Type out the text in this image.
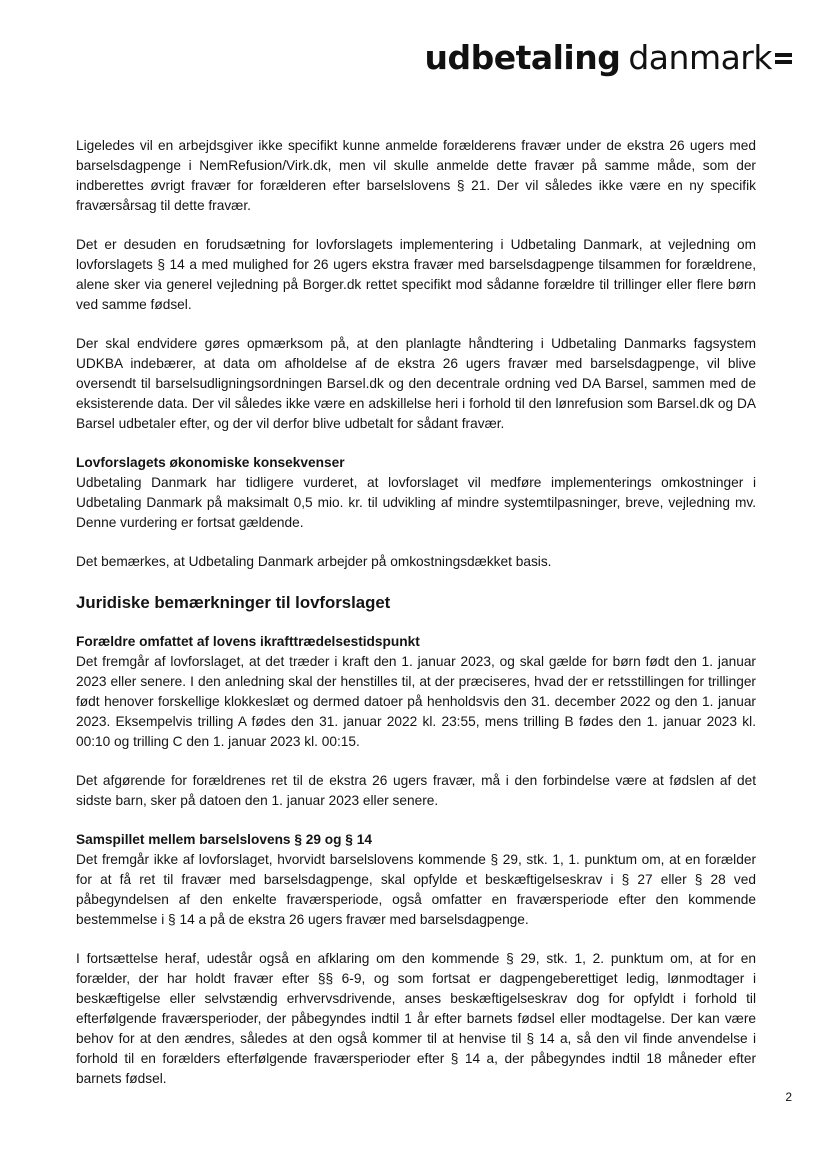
udbetaling danmark

Ligeledes vil en arbejdsgiver ikke specifikt kunne anmelde forælderens fravær under de ekstra 26 ugers med barselsdagpenge i NemRefusion/Virk.dk, men vil skulle anmelde dette fravær på samme måde, som der indberettes øvrigt fravær for forælderen efter barselslovens § 21. Der vil således ikke være en ny specifik fraværsårsag til dette fravær.

Det er desuden en forudsætning for lovforslagets implementering i Udbetaling Danmark, at vejledning om lovforslagets § 14 a med mulighed for 26 ugers ekstra fravær med barselsdagpenge tilsammen for forældrene, alene sker via generel vejledning på Borger.dk rettet specifikt mod sådanne forældre til trillinger eller flere børn ved samme fødsel.

Der skal endvidere gøres opmærksom på, at den planlagte håndtering i Udbetaling Danmarks fagsystem UDKBA indebærer, at data om afholdelse af de ekstra 26 ugers fravær med barselsdagpenge, vil blive oversendt til barselsudligningsordningen Barsel.dk og den decentrale ordning ved DA Barsel, sammen med de eksisterende data. Der vil således ikke være en adskillelse heri i forhold til den lønrefusion som Barsel.dk og DA Barsel udbetaler efter, og der vil derfor blive udbetalt for sådant fravær.

Lovforslagets økonomiske konsekvenser

Udbetaling Danmark har tidligere vurderet, at lovforslaget vil medføre implementerings omkostninger i Udbetaling Danmark på maksimalt 0,5 mio. kr. til udvikling af mindre systemtilpasninger, breve, vejledning mv. Denne vurdering er fortsat gældende.

Det bemærkes, at Udbetaling Danmark arbejder på omkostningsdækket basis.

Juridiske bemærkninger til lovforslaget
Forældre omfattet af lovens ikrafttrædelsestidspunkt

Det fremgår af lovforslaget, at det træder i kraft den 1. januar 2023, og skal gælde for børn født den 1. januar 2023 eller senere. I den anledning skal der henstilles til, at der præciseres, hvad der er retsstillingen for trillinger født henover forskellige klokkeslæt og dermed datoer på henholdsvis den 31. december 2022 og den 1. januar 2023. Eksempelvis trilling A fødes den 31. januar 2022 kl. 23:55, mens trilling B fødes den 1. januar 2023 kl. 00:10 og trilling C den 1. januar 2023 kl. 00:15.

Det afgørende for forældrenes ret til de ekstra 26 ugers fravær, må i den forbindelse være at fødslen af det sidste barn, sker på datoen den 1. januar 2023 eller senere.

Samspillet mellem barselslovens § 29 og § 14

Det fremgår ikke af lovforslaget, hvorvidt barselslovens kommende § 29, stk. 1, 1. punktum om, at en forælder for at få ret til fravær med barselsdagpenge, skal opfylde et beskæftigelseskrav i § 27 eller § 28 ved påbegyndelsen af den enkelte fraværsperiode, også omfatter en fraværsperiode efter den kommende bestemmelse i § 14 a på de ekstra 26 ugers fravær med barselsdagpenge.

I fortsættelse heraf, udestår også en afklaring om den kommende § 29, stk. 1, 2. punktum om, at for en forælder, der har holdt fravær efter §§ 6-9, og som fortsat er dagpengeberettiget ledig, lønmodtager i beskæftigelse eller selvstændig erhvervsdrivende, anses beskæftigelseskrav dog for opfyldt i forhold til efterfølgende fraværsperioder, der påbegyndes indtil 1 år efter barnets fødsel eller modtagelse. Der kan være behov for at den ændres, således at den også kommer til at henvise til § 14 a, så den vil finde anvendelse i forhold til en forælders efterfølgende fraværsperioder efter § 14 a, der påbegyndes indtil 18 måneder efter barnets fødsel.

2
